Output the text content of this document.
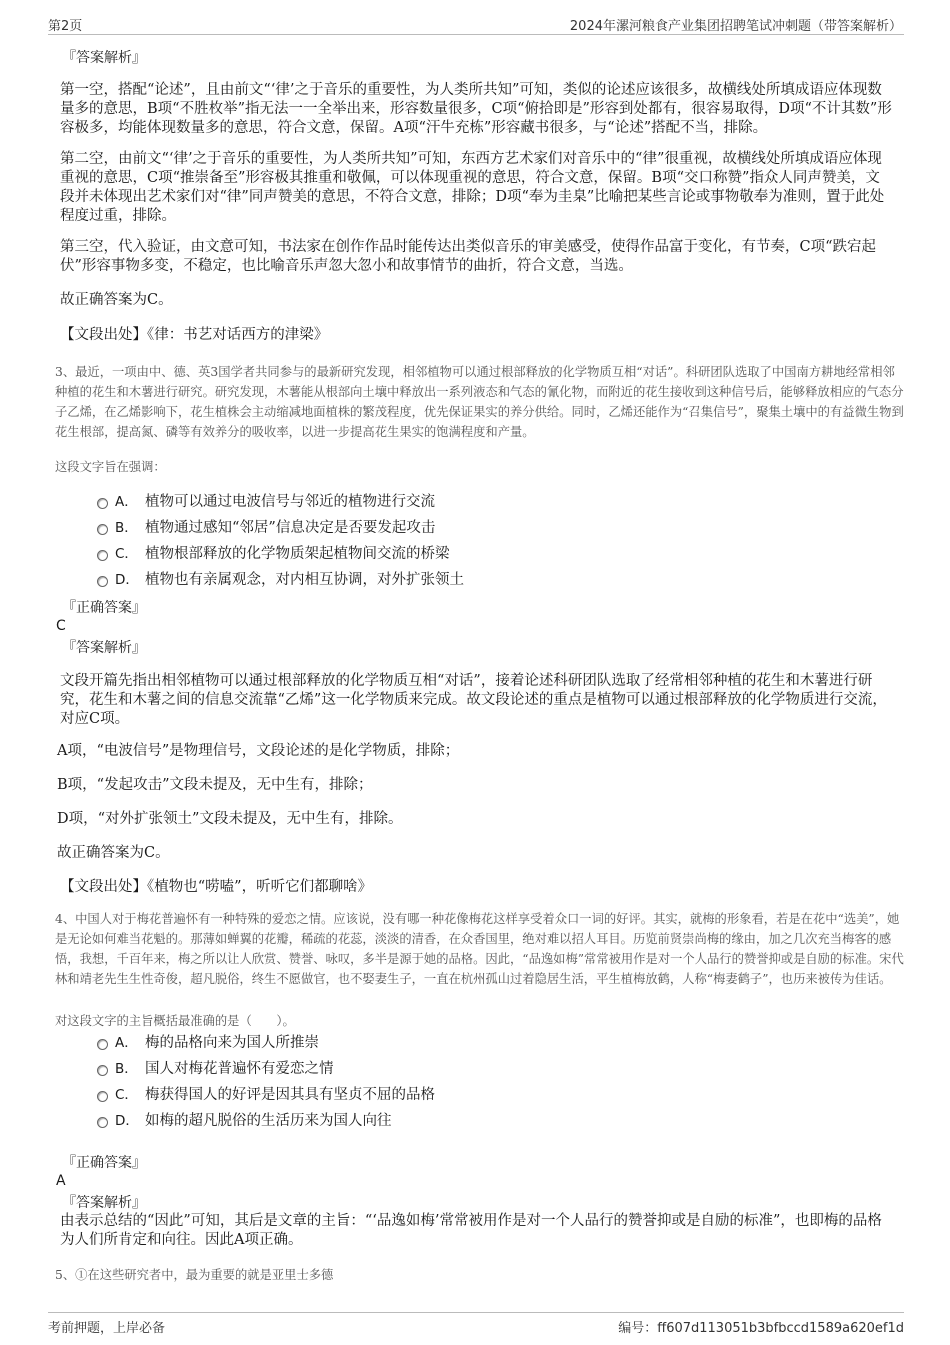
第2页	2024年漯河粮食产业集团招聘笔试冲刺题（带答案解析）
『答案解析』
第一空，搭配“论述”，且由前文“‘律’之于音乐的重要性，为人类所共知”可知，类似的论述应该很多，故横线处所填成语应体现数量多的意思，B项“不胜枚举”指无法一一全举出来，形容数量很多，C项“俯拾即是”形容到处都有，很容易取得，D项“不计其数”形容极多，均能体现数量多的意思，符合文意，保留。A项“汗牛充栋”形容藏书很多，与“论述”搭配不当，排除。
第二空，由前文“‘律’之于音乐的重要性，为人类所共知”可知，东西方艺术家们对音乐中的“律”很重视，故横线处所填成语应体现重视的意思，C项“推崇备至”形容极其推重和敬佩，可以体现重视的意思，符合文意，保留。B项“交口称赞”指众人同声赞美，文段并未体现出艺术家们对“律”同声赞美的意思，不符合文意，排除；D项“奉为圭臬”比喻把某些言论或事物敬奉为准则，置于此处程度过重，排除。
第三空，代入验证，由文意可知，书法家在创作作品时能传达出类似音乐的审美感受，使得作品富于变化，有节奏，C项“跌宕起伏”形容事物多变，不稳定，也比喻音乐声忽大忽小和故事情节的曲折，符合文意，当选。
故正确答案为C。
【文段出处】《律：书艺对话西方的津梁》
3、最近，一项由中、德、英3国学者共同参与的最新研究发现，相邻植物可以通过根部释放的化学物质互相“对话”。科研团队选取了中国南方耕地经常相邻种植的花生和木薯进行研究。研究发现，木薯能从根部向土壤中释放出一系列液态和气态的氰化物，而附近的花生接收到这种信号后，能够释放相应的气态分子乙烯，在乙烯影响下，花生植株会主动缩减地面植株的繁茂程度，优先保证果实的养分供给。同时，乙烯还能作为“召集信号”，聚集土壤中的有益微生物到花生根部，提高氮、磷等有效养分的吸收率，以进一步提高花生果实的饱满程度和产量。
这段文字旨在强调：
A． 植物可以通过电波信号与邻近的植物进行交流
B． 植物通过感知“邻居”信息决定是否要发起攻击
C． 植物根部释放的化学物质架起植物间交流的桥梁
D． 植物也有亲属观念，对内相互协调，对外扩张领土
『正确答案』
C
『答案解析』
文段开篇先指出相邻植物可以通过根部释放的化学物质互相“对话”，接着论述科研团队选取了经常相邻种植的花生和木薯进行研究，花生和木薯之间的信息交流靠“乙烯”这一化学物质来完成。故文段论述的重点是植物可以通过根部释放的化学物质进行交流，对应C项。
A项，“电波信号”是物理信号，文段论述的是化学物质，排除；
B项，“发起攻击”文段未提及，无中生有，排除；
D项，“对外扩张领土”文段未提及，无中生有，排除。
故正确答案为C。
【文段出处】《植物也“唠嗑”，听听它们都聊啥》
4、中国人对于梅花普遍怀有一种特殊的爱恋之情。应该说，没有哪一种花像梅花这样享受着众口一词的好评。其实，就梅的形象看，若是在花中“选美”，她是无论如何难当花魁的。那薄如蝉翼的花瓣，稀疏的花蕊，淡淡的清香，在众香国里，绝对难以招人耳目。历览前贤崇尚梅的缘由，加之几次充当梅客的感悟，我想，千百年来，梅之所以让人欣赏、赞誉、咏叹，多半是源于她的品格。因此，“品逸如梅”常常被用作是对一个人品行的赞誉抑或是自励的标准。宋代林和靖老先生生性奇俊，超凡脱俗，终生不愿做官，也不娶妻生子，一直在杭州孤山过着隐居生活，平生植梅放鹤，人称“梅妻鹤子”，也历来被传为佳话。
对这段文字的主旨概括最准确的是（　　）。
A． 梅的品格向来为国人所推崇
B． 国人对梅花普遍怀有爱恋之情
C． 梅获得国人的好评是因其具有坚贞不屈的品格
D． 如梅的超凡脱俗的生活历来为国人向往
『正确答案』
A
『答案解析』
由表示总结的“因此”可知，其后是文章的主旨：“‘品逸如梅’常常被用作是对一个人品行的赞誉抑或是自励的标准”，也即梅的品格为人们所肯定和向往。因此A项正确。
5、①在这些研究者中，最为重要的就是亚里士多德
考前押题，上岸必备	编号：ff607d113051b3bfbccd1589a620ef1d
